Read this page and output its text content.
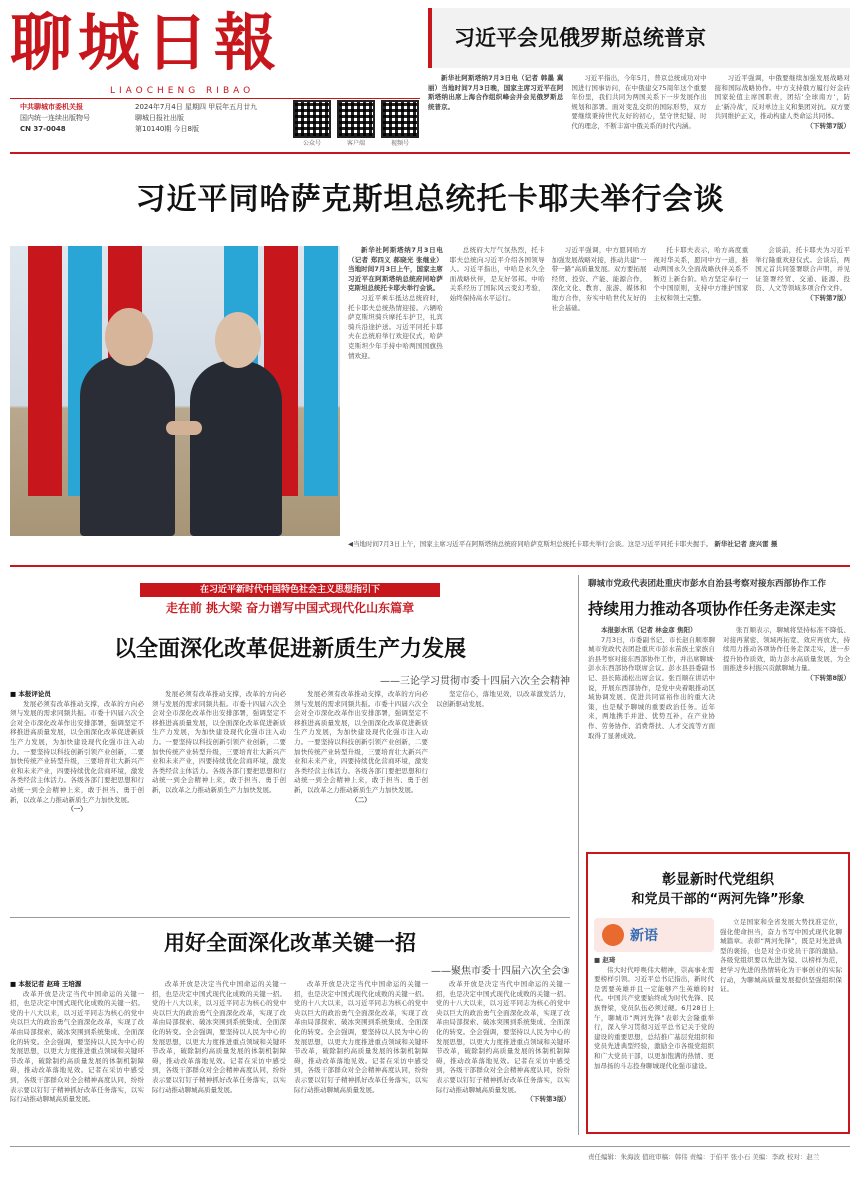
聊城日報
LIAOCHENG RIBAO
中共聊城市委机关报
国内统一连续出版物号
CN 37-0048
2024年7月4日 星期四 甲辰年五月廿九
聊城日报社出版
第10140期 今日8版
公众号	客户端	视频号
习近平会见俄罗斯总统普京

新华社阿斯塔纳7月3日电（记者 韩墨 冀丽）当地时间7月3日晚，国家主席习近平在阿斯塔纳出席上海合作组织峰会并会见俄罗斯总统普京。

习近平指出，今年5月，普京总统成功对中国进行国事访问，在中俄建交75周年这个重要年份里，我们共同为两国关系下一步发展作出规划和部署。面对变乱交织的国际形势，双方要继续秉持世代友好的初心，坚守世纪疑、时代的理念，不断丰富中俄关系的时代内涵。

习近平强调，中俄要继续加强发展战略对接和国际战略协作。中方支持俄方履行好金砖国家轮值主席国职责，团结‘全球南方’，防止‘新冷战’，反对单边主义和集团对抗。双方要共同维护正义，推动构建人类命运共同体。

（下转第7版）
习近平同哈萨克斯坦总统托卡耶夫举行会谈

新华社阿斯塔纳7月3日电（记者 郑四义 郝晓光 张继业）当地时间7月3日上午，国家主席习近平在阿斯塔纳总统府同哈萨克斯坦总统托卡耶夫举行会谈。

习近平乘车抵达总统府时，托卡耶夫总统热情迎接。六辆哈萨克斯坦骑兵摩托车护卫，礼宾骑兵沿途护送。习近平同托卡耶夫在总统府举行欢迎仪式，哈萨克斯坦少年手持中哈两国国旗热情欢迎。

总统府大厅气氛热烈，托卡耶夫总统向习近平介绍各国领导人。习近平指出，中哈是永久全面战略伙伴，是友好邻邦。中哈关系经历了国际风云变幻考验，始终保持高水平运行。

习近平强调，中方愿同哈方加强发展战略对接，推动共建“一带一路”高质量发展。双方要拓展经贸、投资、产能、能源合作，深化文化、教育、旅游、媒体和地方合作，夯实中哈世代友好的社会基础。

托卡耶夫表示，哈方高度重视对华关系，愿同中方一道，推动两国永久全面战略伙伴关系不断迈上新台阶。哈方坚定奉行一个中国原则，支持中方维护国家主权和领土完整。

会谈前，托卡耶夫为习近平举行隆重欢迎仪式。会谈后，两国元首共同签署联合声明，并见证签署经贸、交通、能源、投资、人文等领域多项合作文件。

（下转第7版）
◀当地时间7月3日上午，国家主席习近平在阿斯塔纳总统府同哈萨克斯坦总统托卡耶夫举行会谈。这是习近平同托卡耶夫握手。 新华社记者 庞兴雷 摄
在习近平新时代中国特色社会主义思想指引下
走在前 挑大梁 奋力谱写中国式现代化山东篇章
以全面深化改革促进新质生产力发展
——三论学习贯彻市委十四届六次全会精神
■ 本报评论员

发展必须有改革推动支撑，改革的方向必须与发展的需求同频共振。市委十四届六次全会对全市深化改革作出安排部署，强调坚定不移推进高质量发展，以全面深化改革促进新质生产力发展，为加快建设现代化强市注入动力。一要坚持以科技创新引领产业创新，二要加快传统产业转型升级，三要培育壮大新兴产业和未来产业，四要持续优化营商环境，激发各类经营主体活力。各级各部门要把思想和行动统一到全会精神上来，敢于担当、勇于创新，以改革之力推动新质生产力加快发展。

（一）

发展必须有改革推动支撑，改革的方向必须与发展的需求同频共振。市委十四届六次全会对全市深化改革作出安排部署，强调坚定不移推进高质量发展，以全面深化改革促进新质生产力发展，为加快建设现代化强市注入动力。一要坚持以科技创新引领产业创新，二要加快传统产业转型升级，三要培育壮大新兴产业和未来产业，四要持续优化营商环境，激发各类经营主体活力。各级各部门要把思想和行动统一到全会精神上来，敢于担当、勇于创新，以改革之力推动新质生产力加快发展。

发展必须有改革推动支撑，改革的方向必须与发展的需求同频共振。市委十四届六次全会对全市深化改革作出安排部署，强调坚定不移推进高质量发展，以全面深化改革促进新质生产力发展，为加快建设现代化强市注入动力。一要坚持以科技创新引领产业创新，二要加快传统产业转型升级，三要培育壮大新兴产业和未来产业，四要持续优化营商环境，激发各类经营主体活力。各级各部门要把思想和行动统一到全会精神上来，敢于担当、勇于创新，以改革之力推动新质生产力加快发展。

（二）

坚定信心，落地见效，以改革激发活力，以创新驱动发展。

用好全面深化改革关键一招
——聚焦市委十四届六次全会③
■ 本报记者 赵琦 王培源

改革开放是决定当代中国命运的关键一招，也是决定中国式现代化成败的关键一招。党的十八大以来，以习近平同志为核心的党中央以巨大的政治勇气全面深化改革，实现了改革由局部探索、破冰突围到系统集成、全面深化的转变。全会强调，要坚持以人民为中心的发展思想，以更大力度推进重点领域和关键环节改革，破除制约高质量发展的体制机制障碍，推动改革落地见效。记者在采访中感受到，各级干部群众对全会精神高度认同，纷纷表示要以钉钉子精神抓好改革任务落实，以实际行动推动聊城高质量发展。

改革开放是决定当代中国命运的关键一招，也是决定中国式现代化成败的关键一招。党的十八大以来，以习近平同志为核心的党中央以巨大的政治勇气全面深化改革，实现了改革由局部探索、破冰突围到系统集成、全面深化的转变。全会强调，要坚持以人民为中心的发展思想，以更大力度推进重点领域和关键环节改革，破除制约高质量发展的体制机制障碍，推动改革落地见效。记者在采访中感受到，各级干部群众对全会精神高度认同，纷纷表示要以钉钉子精神抓好改革任务落实，以实际行动推动聊城高质量发展。

改革开放是决定当代中国命运的关键一招，也是决定中国式现代化成败的关键一招。党的十八大以来，以习近平同志为核心的党中央以巨大的政治勇气全面深化改革，实现了改革由局部探索、破冰突围到系统集成、全面深化的转变。全会强调，要坚持以人民为中心的发展思想，以更大力度推进重点领域和关键环节改革，破除制约高质量发展的体制机制障碍，推动改革落地见效。记者在采访中感受到，各级干部群众对全会精神高度认同，纷纷表示要以钉钉子精神抓好改革任务落实，以实际行动推动聊城高质量发展。

改革开放是决定当代中国命运的关键一招，也是决定中国式现代化成败的关键一招。党的十八大以来，以习近平同志为核心的党中央以巨大的政治勇气全面深化改革，实现了改革由局部探索、破冰突围到系统集成、全面深化的转变。全会强调，要坚持以人民为中心的发展思想，以更大力度推进重点领域和关键环节改革，破除制约高质量发展的体制机制障碍，推动改革落地见效。记者在采访中感受到，各级干部群众对全会精神高度认同，纷纷表示要以钉钉子精神抓好改革任务落实，以实际行动推动聊城高质量发展。

（下转第3版）
聊城市党政代表团赴重庆市彭水自治县考察对接东西部协作工作
持续用力推动各项协作任务走深走实

本报彭水讯（记者 林金彦 焦阳）

7月3日，市委副书记、市长赵自顺率聊城市党政代表团赴重庆市彭水苗族土家族自治县考察对接东西部协作工作，并出席聊城·彭水东西部协作联席会议。彭水县县委副书记、县长陈涌松出席会议。张百顺在讲话中说，开展东西部协作，是党中央着眼推动区域协调发展、促进共同富裕作出的重大决策，也是赋予聊城的重要政治任务。近年来，两地携手并进、优势互补，在产业协作、劳务协作、消费帮扶、人才交流等方面取得了显著成效。

张百顺表示，聊城将坚持标准不降低、对接再紧密、领域再拓宽、效应再放大，持续用力推动各项协作任务走深走实，进一步提升协作质效，助力彭水高质量发展，为全面推进乡村振兴贡献聊城力量。

（下转第8版）
彰显新时代党组织
和党员干部的“两河先锋”形象
新语
■ 赵琦

伟大时代呼唤伟大精神，崇高事业需要榜样引领。习近平总书记指出，新时代是需要英雄并且一定能够产生英雄的时代。中国共产党要始终成为时代先锋、民族脊梁，党员队伍必须过硬。6月28日上午，聊城市“两河先锋”表彰大会隆重举行，深入学习贯彻习近平总书记关于党的建设的重要思想，总结推广基层党组织和党员先进典型经验，激励全市各级党组织和广大党员干部，以更加饱满的热情、更加昂扬的斗志投身聊城现代化强市建设。

立足国家和全省发展大势找准定位，强化使命担当，奋力书写中国式现代化聊城篇章。表彰“两河先锋”，既是对先进典型的褒扬，也是对全市党员干部的激励。各级党组织要以先进为镜、以榜样为范，把学习先进的热情转化为干事创业的实际行动，为聊城高质量发展提供坚强组织保证。

责任编辑：朱海波 值班审稿：韩伟 责编：于伯平 张小石 美编：李政 校对：赵兰
